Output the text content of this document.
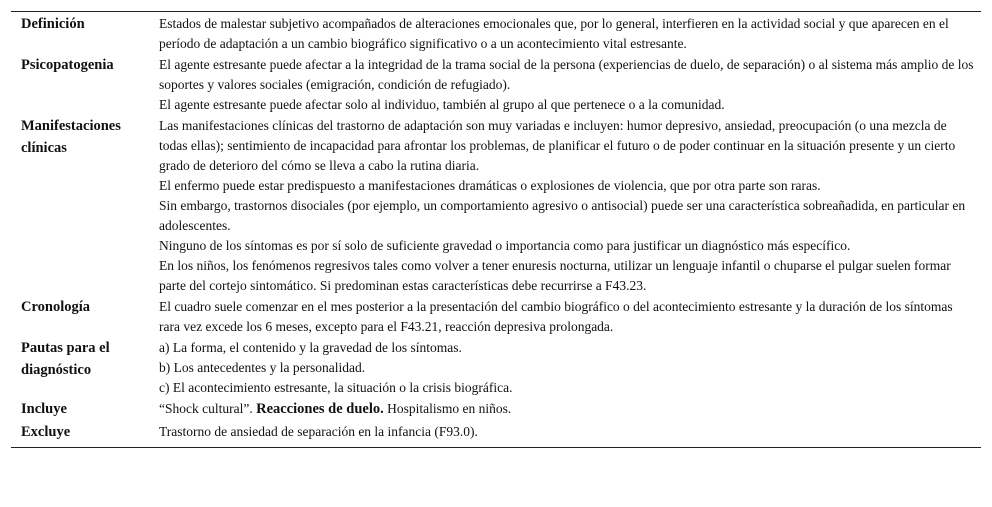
Definición	Estados de malestar subjetivo acompañados de alteraciones emocionales que, por lo general, interfieren en la actividad social y que aparecen en el período de adaptación a un cambio biográfico significativo o a un acontecimiento vital estresante.

Psicopatogenia	El agente estresante puede afectar a la integridad de la trama social de la persona (experiencias de duelo, de separación) o al sistema más amplio de los soportes y valores sociales (emigración, condición de refugiado).
El agente estresante puede afectar solo al individuo, también al grupo al que pertenece o a la comunidad.

Manifestaciones clínicas	Las manifestaciones clínicas del trastorno de adaptación son muy variadas e incluyen: humor depresivo, ansiedad, preocupación (o una mezcla de todas ellas); sentimiento de incapacidad para afrontar los problemas, de planificar el futuro o de poder continuar en la situación presente y un cierto grado de deterioro del cómo se lleva a cabo la rutina diaria.
El enfermo puede estar predispuesto a manifestaciones dramáticas o explosiones de violencia, que por otra parte son raras.
Sin embargo, trastornos disociales (por ejemplo, un comportamiento agresivo o antisocial) puede ser una característica sobreañadida, en particular en adolescentes.
Ninguno de los síntomas es por sí solo de suficiente gravedad o importancia como para justificar un diagnóstico más específico.
En los niños, los fenómenos regresivos tales como volver a tener enuresis nocturna, utilizar un lenguaje infantil o chuparse el pulgar suelen formar parte del cortejo sintomático. Si predominan estas características debe recurrirse a F43.23.

Cronología	El cuadro suele comenzar en el mes posterior a la presentación del cambio biográfico o del acontecimiento estresante y la duración de los síntomas rara vez excede los 6 meses, excepto para el F43.21, reacción depresiva prolongada.

Pautas para el diagnóstico	a) La forma, el contenido y la gravedad de los síntomas.
b) Los antecedentes y la personalidad.
c) El acontecimiento estresante, la situación o la crisis biográfica.

Incluye	“Shock cultural”. Reacciones de duelo. Hospitalismo en niños.
Excluye	Trastorno de ansiedad de separación en la infancia (F93.0).
